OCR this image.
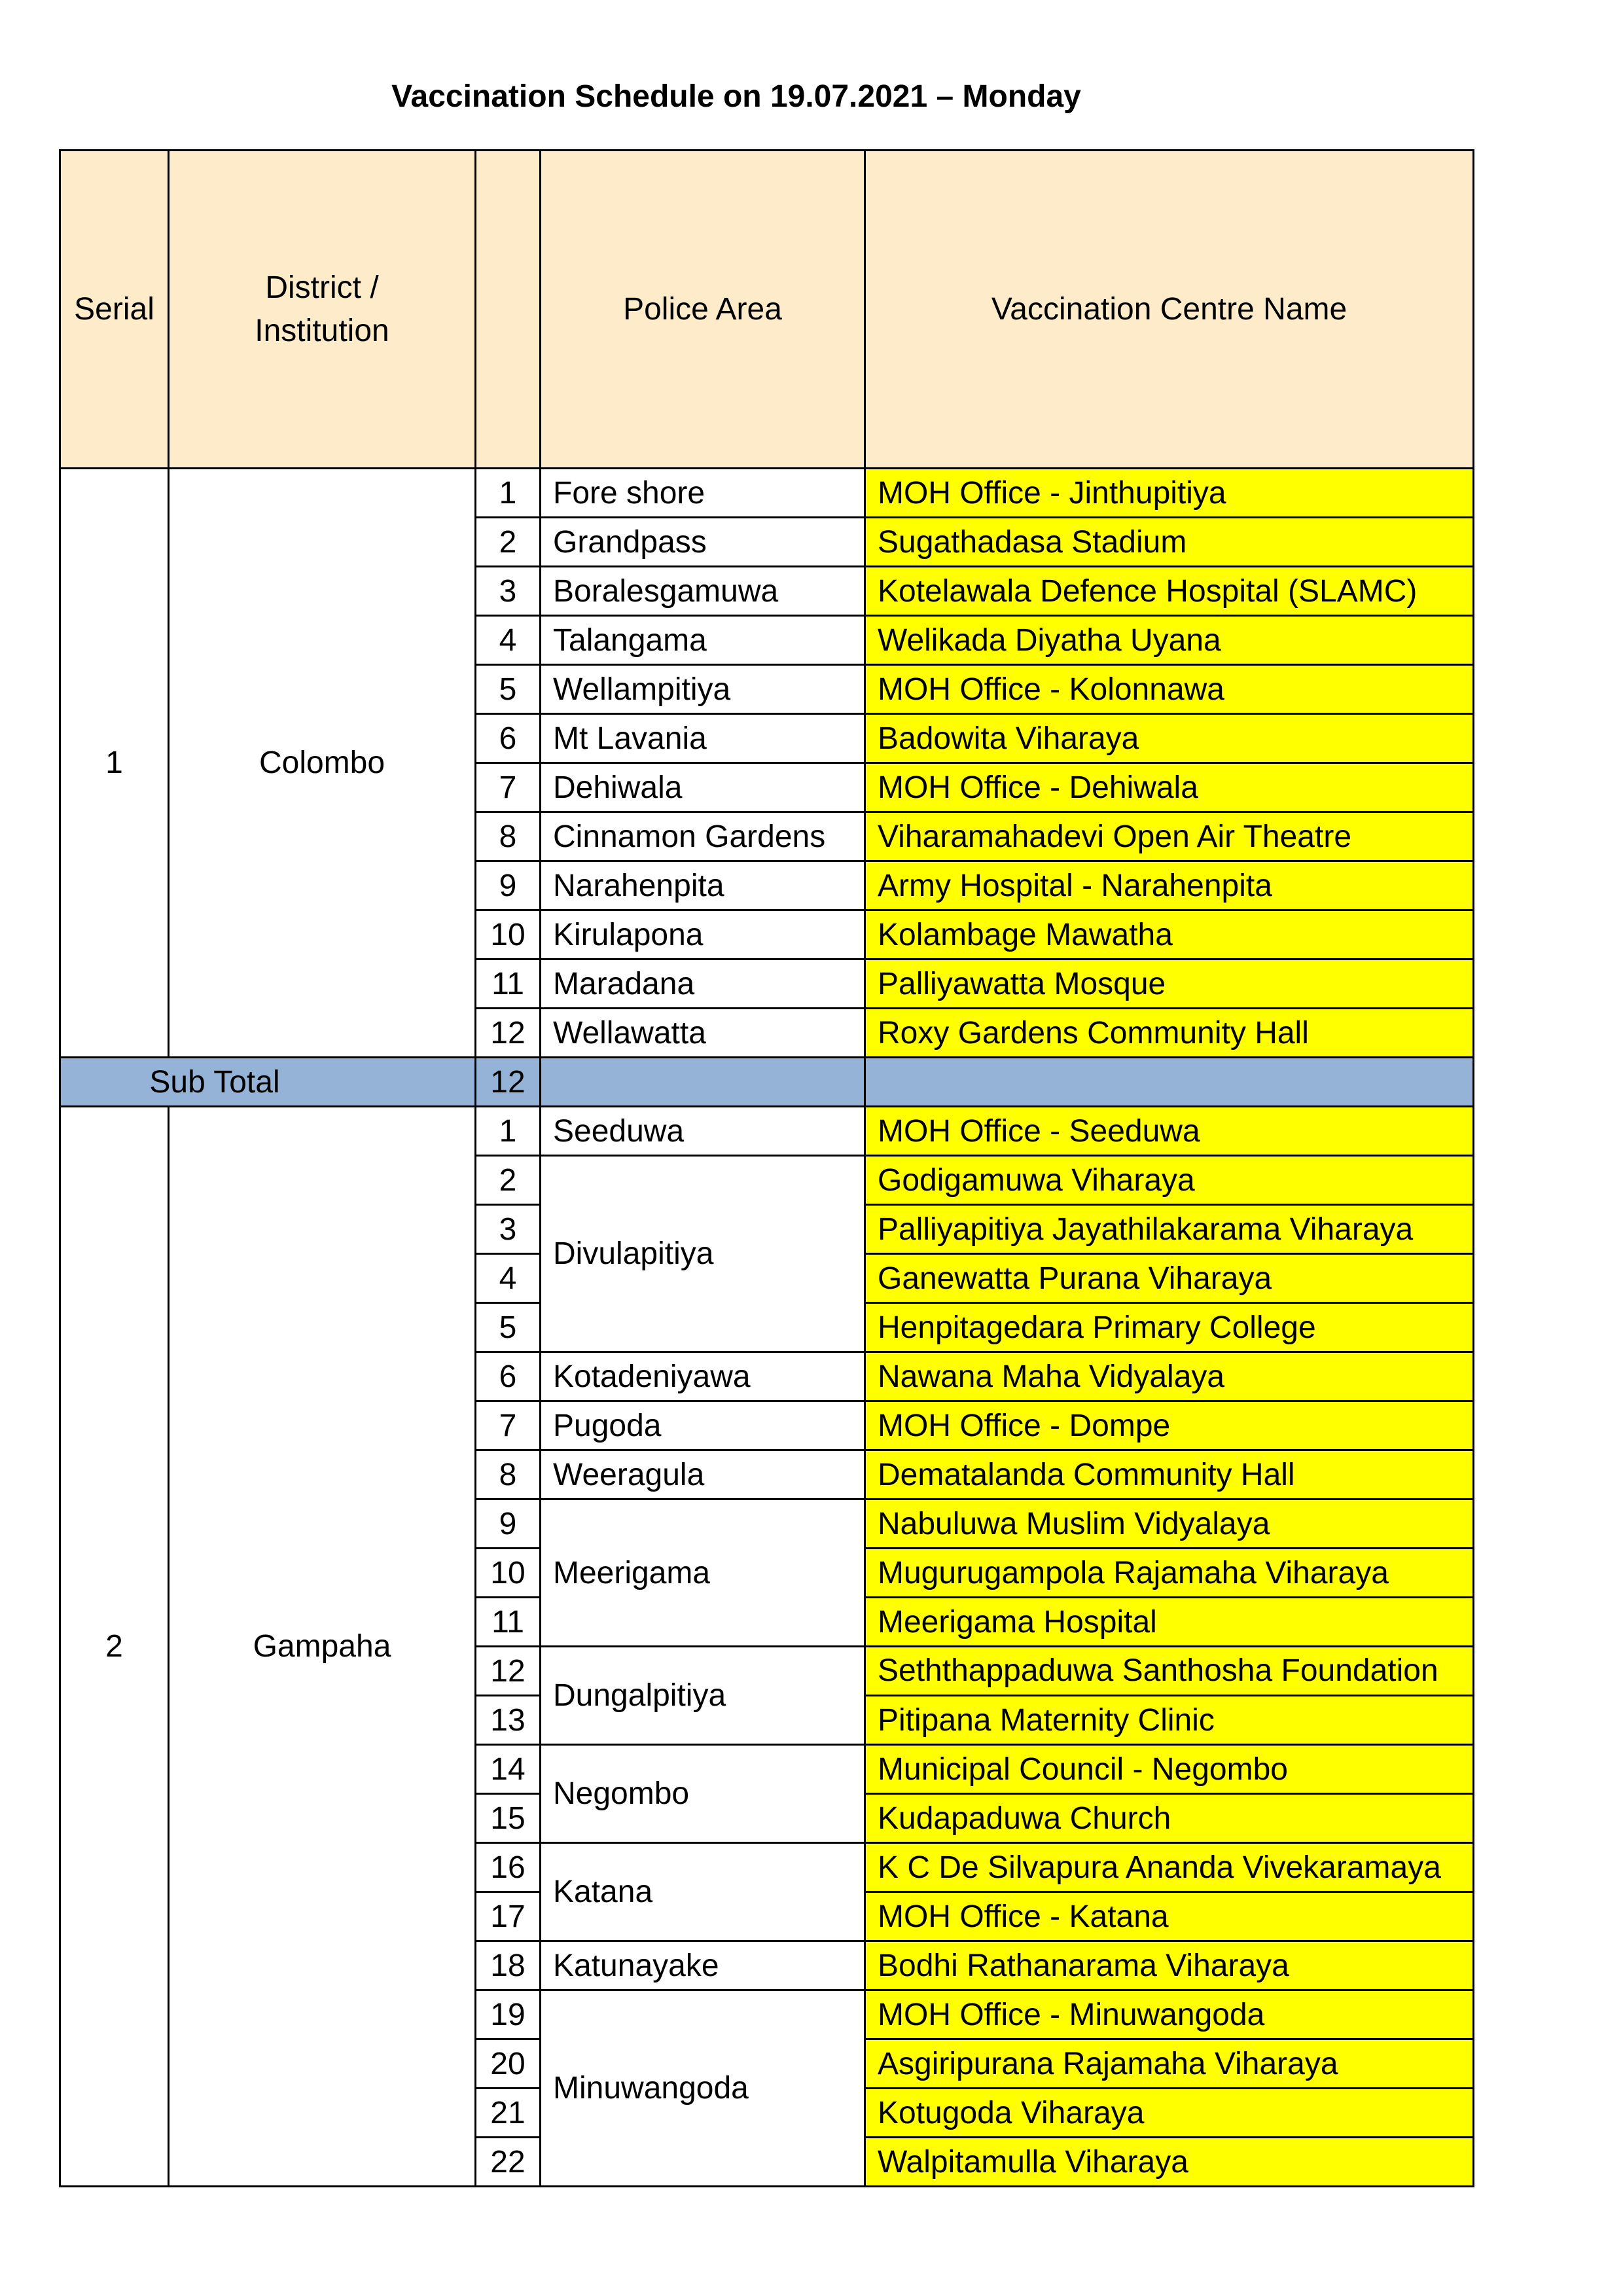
Vaccination Schedule on 19.07.2021 – Monday
Serial	District / Institution		Police Area	Vaccination Centre Name
1	Colombo	1	Fore shore	MOH Office - Jinthupitiya
		2	Grandpass	Sugathadasa Stadium
		3	Boralesgamuwa	Kotelawala Defence Hospital (SLAMC)
		4	Talangama	Welikada Diyatha Uyana
		5	Wellampitiya	MOH Office - Kolonnawa
		6	Mt Lavania	Badowita Viharaya
		7	Dehiwala	MOH Office - Dehiwala
		8	Cinnamon Gardens	Viharamahadevi Open Air Theatre
		9	Narahenpita	Army Hospital - Narahenpita
		10	Kirulapona	Kolambage Mawatha
		11	Maradana	Palliyawatta Mosque
		12	Wellawatta	Roxy Gardens Community Hall
Sub Total		12		
2	Gampaha	1	Seeduwa	MOH Office - Seeduwa
		2	Divulapitiya	Godigamuwa Viharaya
		3		Palliyapitiya Jayathilakarama Viharaya
		4		Ganewatta Purana Viharaya
		5		Henpitagedara Primary College
		6	Kotadeniyawa	Nawana Maha Vidyalaya
		7	Pugoda	MOH Office - Dompe
		8	Weeragula	Dematalanda Community Hall
		9	Meerigama	Nabuluwa Muslim Vidyalaya
		10		Mugurugampola Rajamaha Viharaya
		11		Meerigama Hospital
		12	Dungalpitiya	Seththappaduwa Santhosha Foundation
		13		Pitipana Maternity Clinic
		14	Negombo	Municipal Council - Negombo
		15		Kudapaduwa Church
		16	Katana	K C De Silvapura Ananda Vivekaramaya
		17		MOH Office - Katana
		18	Katunayake	Bodhi Rathanarama Viharaya
		19	Minuwangoda	MOH Office - Minuwangoda
		20		Asgiripurana Rajamaha Viharaya
		21		Kotugoda Viharaya
		22		Walpitamulla Viharaya
